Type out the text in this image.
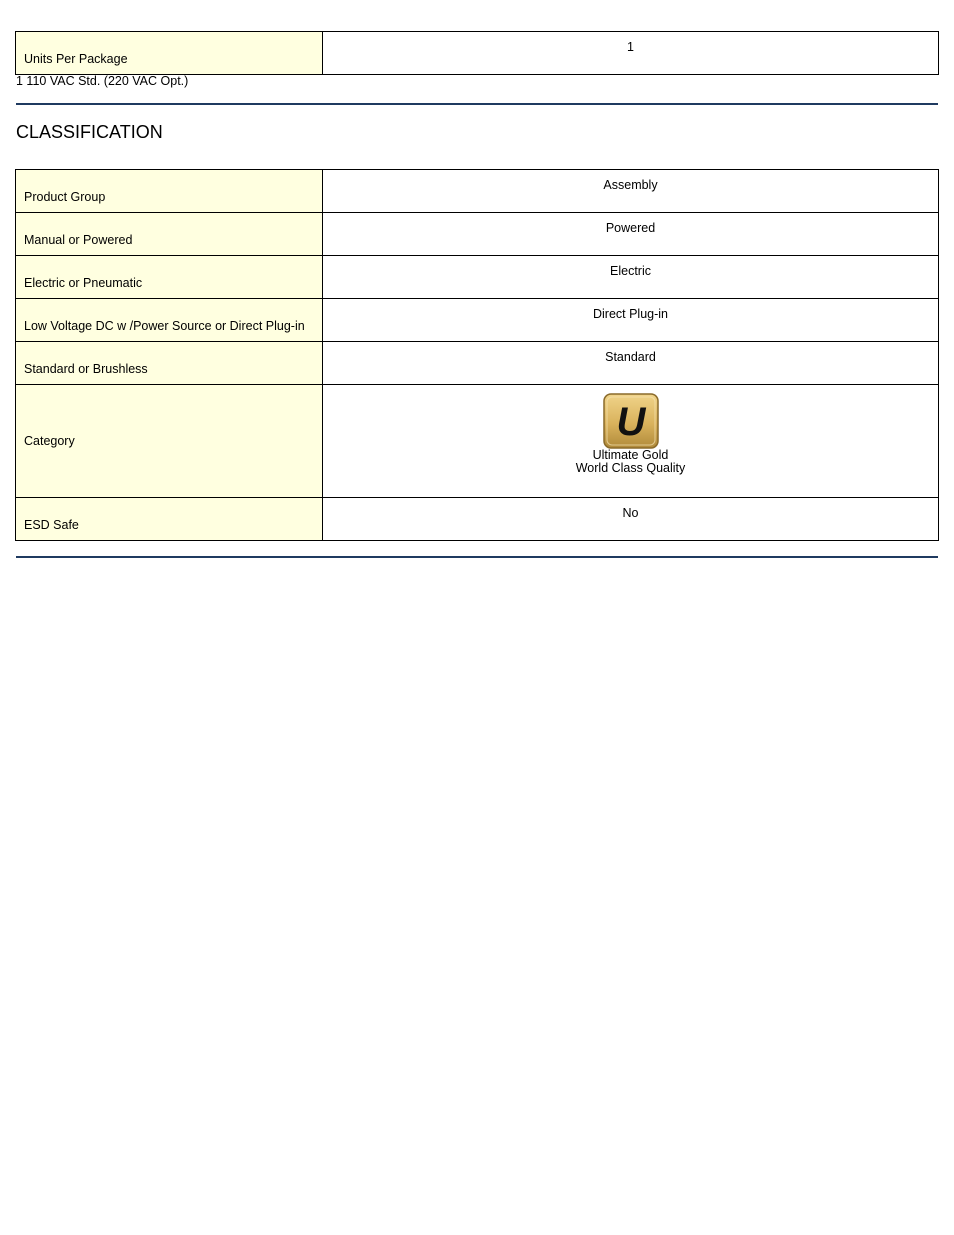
Units Per Package	1
1 110 VAC Std. (220 VAC Opt.)
CLASSIFICATION
Product Group	Assembly
Manual or Powered	Powered
Electric or Pneumatic	Electric
Low Voltage DC w /Power Source or Direct Plug-in	Direct Plug-in
Standard or Brushless	Standard
Category	U
Ultimate Gold
World Class Quality

ESD Safe	No
